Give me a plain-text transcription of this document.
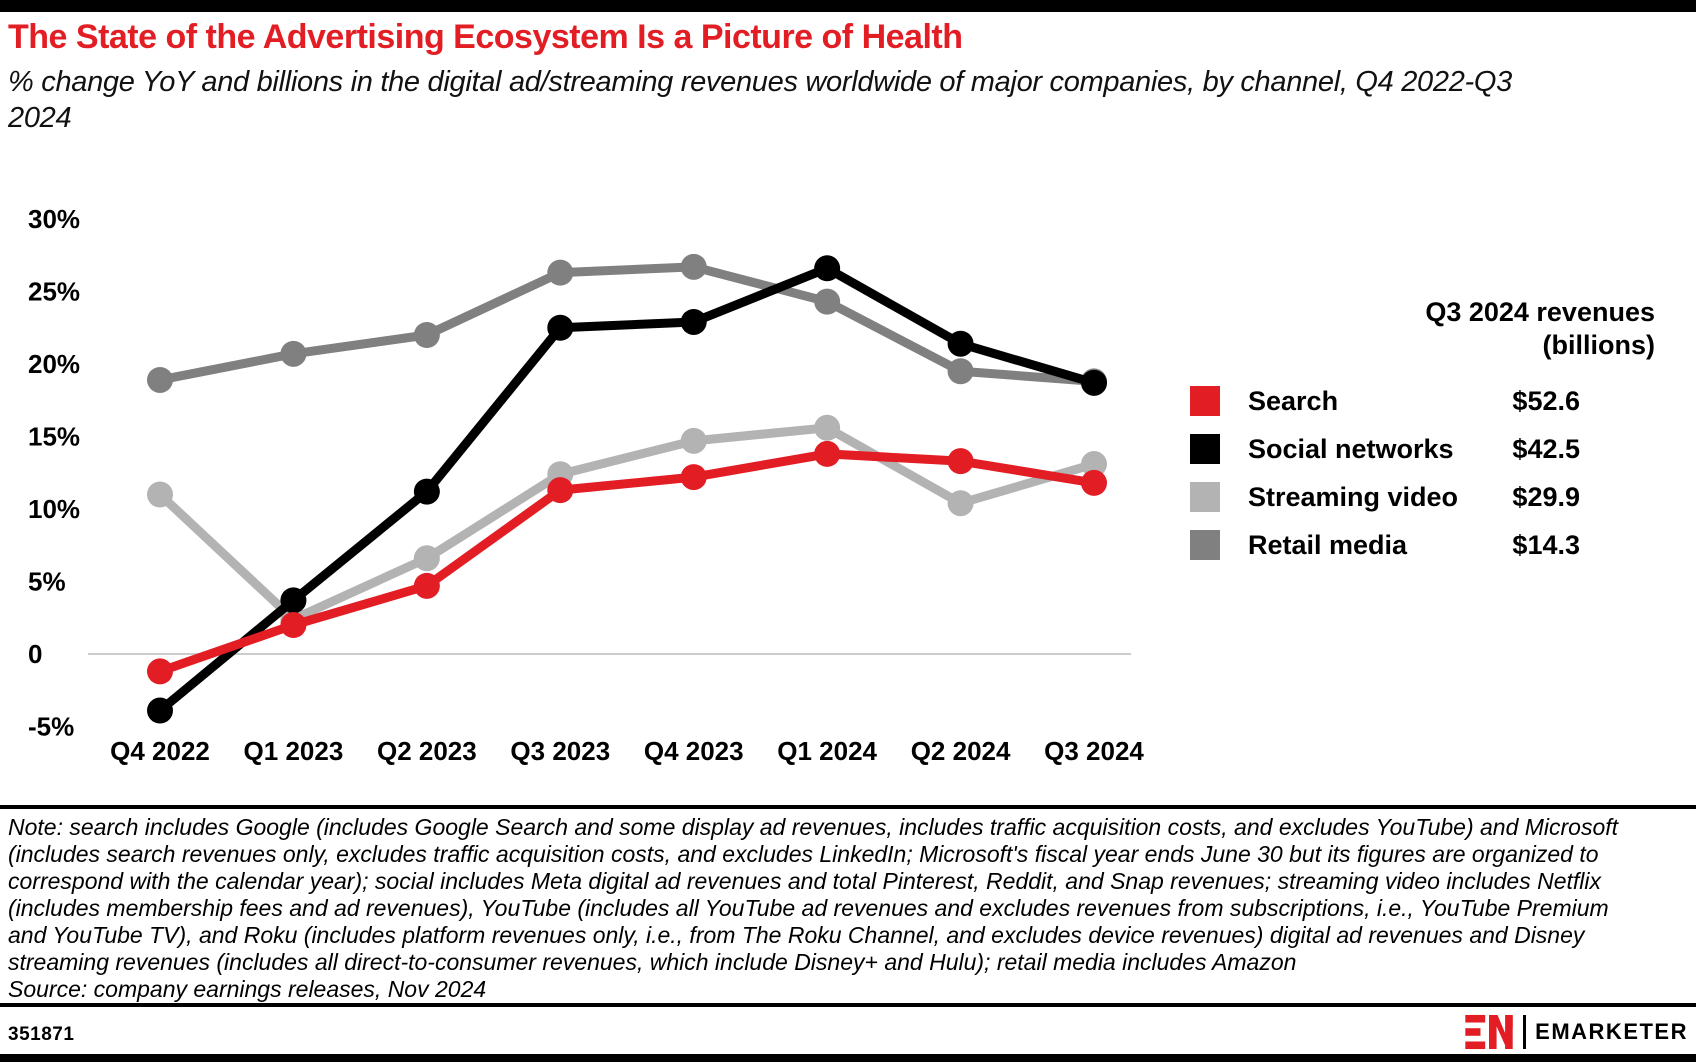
The State of the Advertising Ecosystem Is a Picture of Health
% change YoY and billions in the digital ad/streaming revenues worldwide of major companies, by channel, Q4 2022-Q3 2024
30%
25%
20%
15%
10%
5%
0
-5%
Q4 2022 Q1 2023 Q2 2023 Q3 2023 Q4 2023 Q1 2024 Q2 2024 Q3 2024
Q3 2024 revenues (billions)
Search	$52.6
Social networks	$42.5
Streaming video	$29.9
Retail media	$14.3
Note: search includes Google (includes Google Search and some display ad revenues, includes traffic acquisition costs, and excludes YouTube) and Microsoft (includes search revenues only, excludes traffic acquisition costs, and excludes LinkedIn; Microsoft's fiscal year ends June 30 but its figures are organized to correspond with the calendar year); social includes Meta digital ad revenues and total Pinterest, Reddit, and Snap revenues; streaming video includes Netflix (includes membership fees and ad revenues), YouTube (includes all YouTube ad revenues and excludes revenues from subscriptions, i.e., YouTube Premium and YouTube TV), and Roku (includes platform revenues only, i.e., from The Roku Channel, and excludes device revenues) digital ad revenues and Disney streaming revenues (includes all direct-to-consumer revenues, which include Disney+ and Hulu); retail media includes Amazon
Source: company earnings releases, Nov 2024
351871	EMARKETER
